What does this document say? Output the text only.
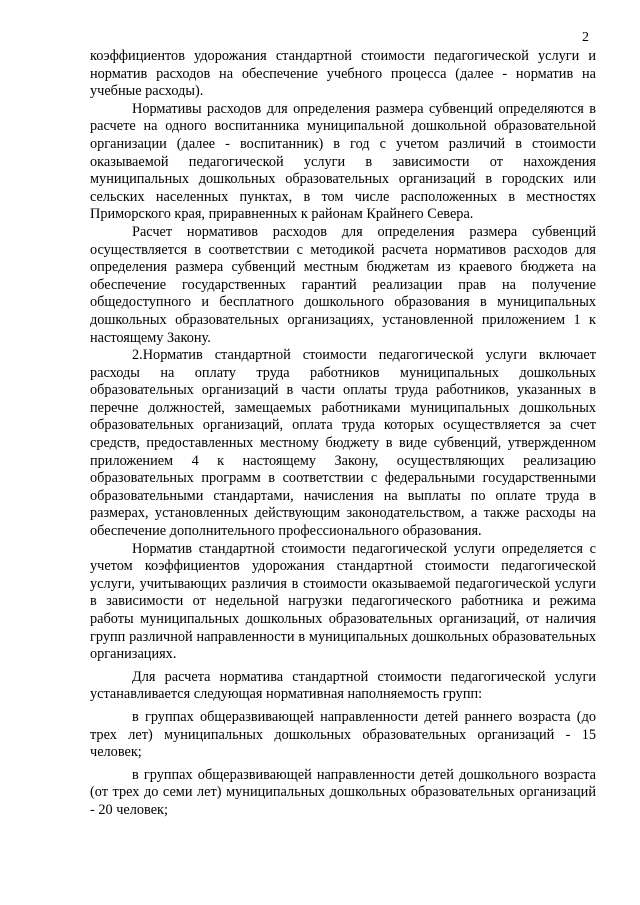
2

коэффициентов удорожания стандартной стоимости педагогической услуги и норматив расходов на обеспечение учебного процесса (далее - норматив на учебные расходы).

Нормативы расходов для определения размера субвенций определяются в расчете на одного воспитанника муниципальной дошкольной образовательной организации (далее - воспитанник) в год с учетом различий в стоимости оказываемой педагогической услуги в зависимости от нахождения муниципальных дошкольных образовательных организаций в городских или сельских населенных пунктах, в том числе расположенных в местностях Приморского края, приравненных к районам Крайнего Севера.

Расчет нормативов расходов для определения размера субвенций осуществляется в соответствии с методикой расчета нормативов расходов для определения размера субвенций местным бюджетам из краевого бюджета на обеспечение государственных гарантий реализации прав на получение общедоступного и бесплатного дошкольного образования в муниципальных дошкольных образовательных организациях, установленной приложением 1 к настоящему Закону.

2.Норматив стандартной стоимости педагогической услуги включает расходы на оплату труда работников муниципальных дошкольных образовательных организаций в части оплаты труда работников, указанных в перечне должностей, замещаемых работниками муниципальных дошкольных образовательных организаций, оплата труда которых осуществляется за счет средств, предоставленных местному бюджету в виде субвенций, утвержденном приложением 4 к настоящему Закону, осуществляющих реализацию образовательных программ в соответствии с федеральными государственными образовательными стандартами, начисления на выплаты по оплате труда в размерах, установленных действующим законодательством, а также расходы на обеспечение дополнительного профессионального образования.

Норматив стандартной стоимости педагогической услуги определяется с учетом коэффициентов удорожания стандартной стоимости педагогической услуги, учитывающих различия в стоимости оказываемой педагогической услуги в зависимости от недельной нагрузки педагогического работника и режима работы муниципальных дошкольных образовательных организаций, от наличия групп различной направленности в муниципальных дошкольных образовательных организациях.

Для расчета норматива стандартной стоимости педагогической услуги устанавливается следующая нормативная наполняемость групп:

в группах общеразвивающей направленности детей раннего возраста (до трех лет) муниципальных дошкольных образовательных организаций - 15 человек;

в группах общеразвивающей направленности детей дошкольного возраста (от трех до семи лет) муниципальных дошкольных образовательных организаций - 20 человек;
